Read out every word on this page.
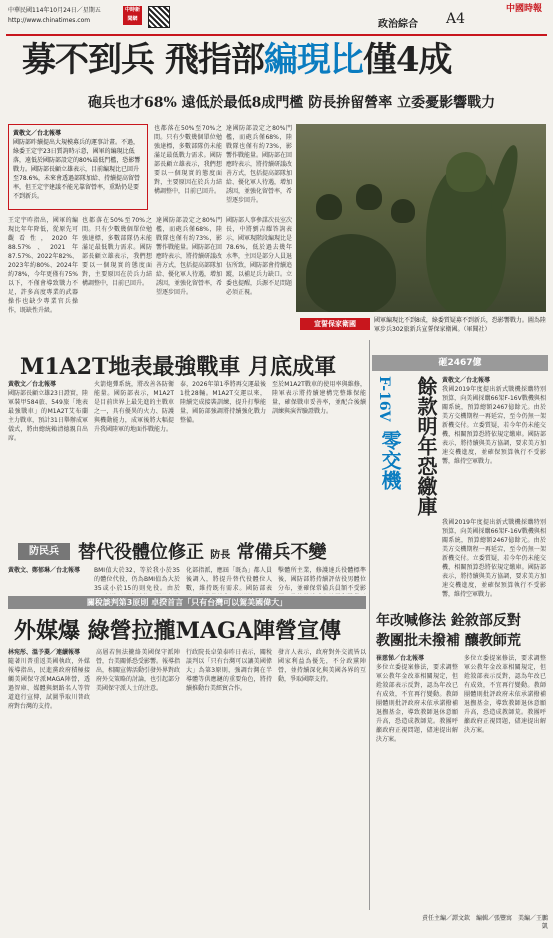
中華民國114年10月24日／星期五
http://www.chinatimes.com
中時新聞網	政治綜合 A4
中國時報
募不到兵 飛指部編現比僅4成
砲兵也才68% 遠低於最低8成門檻 防長拚留營率 立委憂影響戰力
黃敬文／台北報導
國防部昨續提出大規模募兵的運事計畫。不過，綠委王定宇23日質詢時示意，國軍的編現比低落，遠低於國防部設定的80%最低門檻，恐影響戰力。國防部長顧立雄表示，目前編現比已回升至78.6%，未來會透過部隊加給、持續提高留營率，但王定宇建議不能光靠留營率，重點仍是要不到新兵。
也都落在50%至70%之間。只有少數幾個單位勉強達標，多數部隊仍未能滿足最低戰力需求。國防部長顧立雄表示，我們想要以一個現實的態度面對，主要原因在於兵力結構調整中，目前已回升。
達國防部設定之80%門檻，而砲兵僅68%，陸戰隊也僅有約73%，影響作戰能量。國防部在回應時表示，將持續研議改善方式，包括提高部隊加給、優化軍人待遇，增加誘因，並強化留營率，希望逐步回升。
王定宇昨指出，國軍的編現比年年降低，從原先可觀看性，2020年88.57%、2021年87.57%、2022年82%、2023年約80%、2024年約78%，今年更僅有75%以下，不僅會導致戰力不足，許多高度專業的武器操作也缺少專業官兵操作，既缺性升級。
也都落在50%至70%之間。只有少數幾個單位勉強達標，多數部隊仍未能滿足最低戰力需求。國防部長顧立雄表示，我們想要以一個現實的態度面對，主要原因在於兵力結構調整中，目前已回升。
達國防部設定之80%門檻，而砲兵僅68%，陸戰隊也僅有約73%，影響作戰能量。國防部在回應時表示，將持續研議改善方式，包括提高部隊加給、優化軍人待遇，增加誘因，並強化留營率，希望逐步回升。
國防部人事參謀次長室次長，中將劉吉耀答詢表示，國軍現階段編現比是78.6%，低於過去幾年水準，主因是部分人員退伍所致，國防部會持續追蹤，以補足兵力缺口。立委也提醒，兵源不足問題必須正視。
宣誓保家衛國	國軍編現比不到8成，綠委質疑募不到新兵，恐影響戰力。圖為陸軍步兵302旅新兵宣誓保家衛國。（軍聞社）
M1A2T地表最強戰車 月底成軍
黃敬文／台北報導
國防部長顧立雄23日證實，陸軍裝甲584旅、549旅「地表最強戰車」的M1A2T艾布蘭主力戰車，預計31日舉辦成軍儀式，將由總統賴清德親自出席。
火箭炮彈系統，將改善各防衛能量。國防部表示，M1A2T是目前世界上最先進的主戰車之一，具有優異的火力、防護與機動能力，成軍後將大幅提升我國陸軍的地面作戰能力。
泰，2026年第1季將再交運最後1批28輛。M1A2T交運以來，陸續完成接裝訓練，提升打擊能量，國防部強調將持續強化戰力整備。
至於M1A2T戰車的使用率與維修，陸軍表示將持續建構完整維保能量，確保戰車妥善率，並配合後續訓練與演習驗證戰力。
防民兵	替代役體位修正 防長 常備兵不變
黃敬文、鄭郁琳／台北報導	BMI值大於32，等於我小於35的體位代役，仍為BMI值為大於35或小於15的則免役。由於
化部指派，應屆「既為」都人員後調入，將提升替代役體位人數，維持既有需求。國防部表
擊體所主業，修護達兵役體標準後，國防部將持續評估役男體位分布，並確保常備兵員額不受影
關稅談判第3原則 卓揆首言「只有台灣可以駕美國偉大」
外媒爆 綠營拉攏MAGA陣營宣傳
林宛彤、溫予菱／連續報導
隨著川普重返美國執政，外媒報導指出，民進黨政府積極接觸美國保守派MAGA陣營，透過智庫、媒體與網路名人等管道進行宣傳，試圖爭取川普政府對台灣的支持。
高層若無法攏絡美國保守派陣營，台美關係恐受影響。報導指出，相關宣傳活動引發外界對政府外交策略的討論，也引起部分美國保守派人士的注意。
行政院長卓榮泰昨日表示，關稅談判以「只有台灣可以讓美國偉大」為第3原則，強調台灣在半導體等供應鏈的重要角色，將持續推動台美經貿合作。
發言人表示，政府對外交流皆以國家利益為優先，不分政黨陣營，並持續深化與美國各界的互動，爭取國際支持。
砸2467億
F-16V
零交機 餘款明年恐繳庫 黃敬文／台北報導
我國2019年度提出新式戰機採購特別預算，向美國採購66架F-16V戰機與相關系統，預算總額2467億餘元。由於美方交機期程一再延宕，至今仍無一架新機交付。立委質疑，若今年仍未能交機，相關預算恐將依規定繳庫。國防部表示，將持續與美方協調，要求美方加速交機進度，並確保預算執行不受影響，維持空軍戰力。
我國2019年度提出新式戰機採購特別預算，向美國採購66架F-16V戰機與相關系統，預算總額2467億餘元。由於美方交機期程一再延宕，至今仍無一架新機交付。立委質疑，若今年仍未能交機，相關預算恐將依規定繳庫。國防部表示，將持續與美方協調，要求美方加速交機進度，並確保預算執行不受影響，維持空軍戰力。
年改喊修法 銓敘部反對
教團批未撥補 釀教師荒
崔慈悌／台北報導
多位立委提案修法，要求調整軍公教年金改革相關規定，但銓敘部表示反對，認為年改已有成效，不宜再行變動。教師團體則批評政府未依承諾撥補退撫基金，導致教師退休意願升高，恐造成教師荒。教團呼籲政府正視問題，儘速提出解決方案。
多位立委提案修法，要求調整軍公教年金改革相關規定，但銓敘部表示反對，認為年改已有成效，不宜再行變動。教師團體則批評政府未依承諾撥補退撫基金，導致教師退休意願升高，恐造成教師荒。教團呼籲政府正視問題，儘速提出解決方案。
責任主編／譚文欽　編輯／張豐寓　美編／王鵬凱
